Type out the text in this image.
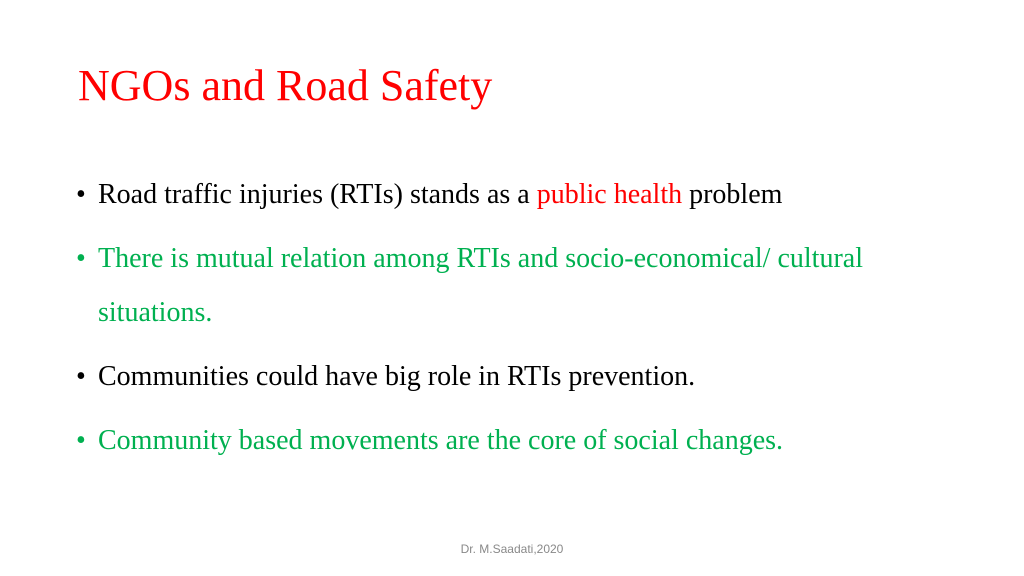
NGOs and Road Safety
• Road traffic injuries (RTIs) stands as a public health problem
• There is mutual relation among RTIs and socio-economical/ cultural situations.
• Communities could have big role in RTIs prevention.
• Community based movements are the core of social changes.
Dr. M.Saadati,2020
